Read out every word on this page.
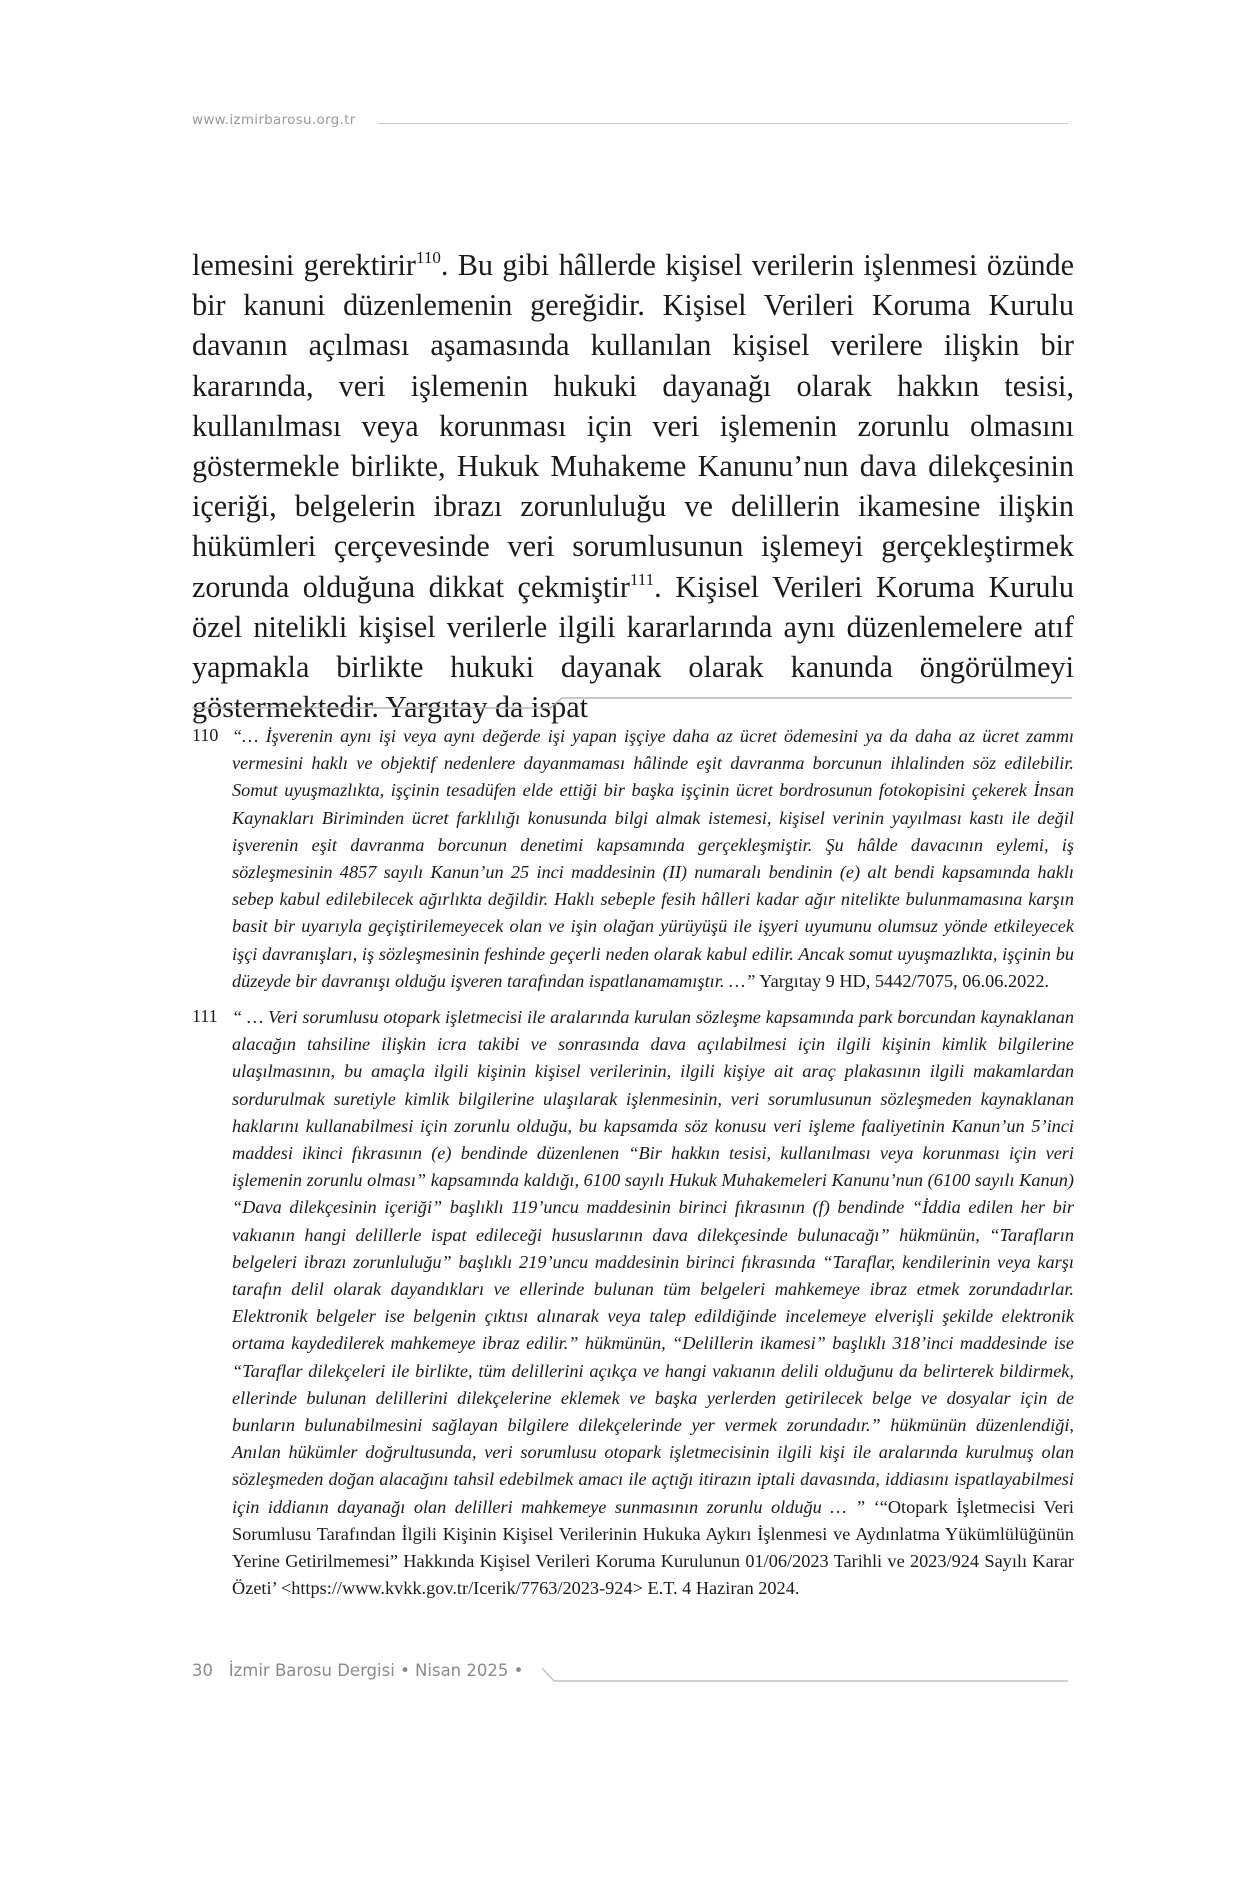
www.izmirbarosu.org.tr
lemesini gerektirir$^{110}$. Bu gibi hâllerde kişisel verilerin işlenmesi özünde bir kanuni düzenlemenin gereğidir. Kişisel Verileri Koruma Kurulu davanın açılması aşamasında kullanılan kişisel verilere ilişkin bir kararında, veri işlemenin hukuki dayanağı olarak hakkın tesisi, kullanılması veya korunması için veri işlemenin zorunlu olmasını göstermekle birlikte, Hukuk Muhakeme Kanunu’nun dava dilekçesinin içeriği, belgelerin ibrazı zorunluluğu ve delillerin ikamesine ilişkin hükümleri çerçevesinde veri sorumlusunun işlemeyi gerçekleştirmek zorunda olduğuna dikkat çekmiştir$^{111}$. Kişisel Verileri Koruma Kurulu özel nitelikli kişisel verilerle ilgili kararlarında aynı düzenlemelere atıf yapmakla birlikte hukuki dayanak olarak kanunda öngörülmeyi göstermektedir. Yargıtay da ispat
110 “… İşverenin aynı işi veya aynı değerde işi yapan işçiye daha az ücret ödemesini ya da daha az ücret zammı vermesini haklı ve objektif nedenlere dayanmaması hâlinde eşit davranma borcunun ihlalinden söz edilebilir. Somut uyuşmazlıkta, işçinin tesadüfen elde ettiği bir başka işçinin ücret bordrosunun fotokopisini çekerek İnsan Kaynakları Biriminden ücret farklılığı konusunda bilgi almak istemesi, kişisel verinin yayılması kastı ile değil işverenin eşit davranma borcunun denetimi kapsamında gerçekleşmiştir. Şu hâlde davacının eylemi, iş sözleşmesinin 4857 sayılı Kanun’un 25 inci maddesinin (II) numaralı bendinin (e) alt bendi kapsamında haklı sebep kabul edilebilecek ağırlıkta değildir. Haklı sebeple fesih hâlleri kadar ağır nitelikte bulunmamasına karşın basit bir uyarıyla geçiştirilemeyecek olan ve işin olağan yürüyüşü ile işyeri uyumunu olumsuz yönde etkileyecek işçi davranışları, iş sözleşmesinin feshinde geçerli neden olarak kabul edilir. Ancak somut uyuşmazlıkta, işçinin bu düzeyde bir davranışı olduğu işveren tarafından ispatlanamamıştır. …” Yargıtay 9 HD, 5442/7075, 06.06.2022.

111 “ … Veri sorumlusu otopark işletmecisi ile aralarında kurulan sözleşme kapsamında park borcundan kaynaklanan alacağın tahsiline ilişkin icra takibi ve sonrasında dava açılabilmesi için ilgili kişinin kimlik bilgilerine ulaşılmasının, bu amaçla ilgili kişinin kişisel verilerinin, ilgili kişiye ait araç plakasının ilgili makamlardan sordurulmak suretiyle kimlik bilgilerine ulaşılarak işlenmesinin, veri sorumlusunun sözleşmeden kaynaklanan haklarını kullanabilmesi için zorunlu olduğu, bu kapsamda söz konusu veri işleme faaliyetinin Kanun’un 5’inci maddesi ikinci fıkrasının (e) bendinde düzenlenen “Bir hakkın tesisi, kullanılması veya korunması için veri işlemenin zorunlu olması” kapsamında kaldığı, 6100 sayılı Hukuk Muhakemeleri Kanunu’nun (6100 sayılı Kanun) “Dava dilekçesinin içeriği” başlıklı 119’uncu maddesinin birinci fıkrasının (f) bendinde “İddia edilen her bir vakıanın hangi delillerle ispat edileceği hususlarının dava dilekçesinde bulunacağı” hükmünün, “Tarafların belgeleri ibrazı zorunluluğu” başlıklı 219’uncu maddesinin birinci fıkrasında “Taraflar, kendilerinin veya karşı tarafın delil olarak dayandıkları ve ellerinde bulunan tüm belgeleri mahkemeye ibraz etmek zorundadırlar. Elektronik belgeler ise belgenin çıktısı alınarak veya talep edildiğinde incelemeye elverişli şekilde elektronik ortama kaydedilerek mahkemeye ibraz edilir.” hükmünün, “Delillerin ikamesi” başlıklı 318’inci maddesinde ise “Taraflar dilekçeleri ile birlikte, tüm delillerini açıkça ve hangi vakıanın delili olduğunu da belirterek bildirmek, ellerinde bulunan delillerini dilekçelerine eklemek ve başka yerlerden getirilecek belge ve dosyalar için de bunların bulunabilmesini sağlayan bilgilere dilekçelerinde yer vermek zorundadır.” hükmünün düzenlendiği, Anılan hükümler doğrultusunda, veri sorumlusu otopark işletmecisinin ilgili kişi ile aralarında kurulmuş olan sözleşmeden doğan alacağını tahsil edebilmek amacı ile açtığı itirazın iptali davasında, iddiasını ispatlayabilmesi için iddianın dayanağı olan delilleri mahkemeye sunmasının zorunlu olduğu … ” ‘“Otopark İşletmecisi Veri Sorumlusu Tarafından İlgili Kişinin Kişisel Verilerinin Hukuka Aykırı İşlenmesi ve Aydınlatma Yükümlülüğünün Yerine Getirilmemesi” Hakkında Kişisel Verileri Koruma Kurulunun 01/06/2023 Tarihli ve 2023/924 Sayılı Karar Özeti’ <https://www.kvkk.gov.tr/Icerik/7763/2023-924> E.T. 4 Haziran 2024.

30 İzmir Barosu Dergisi • Nisan 2025 •
